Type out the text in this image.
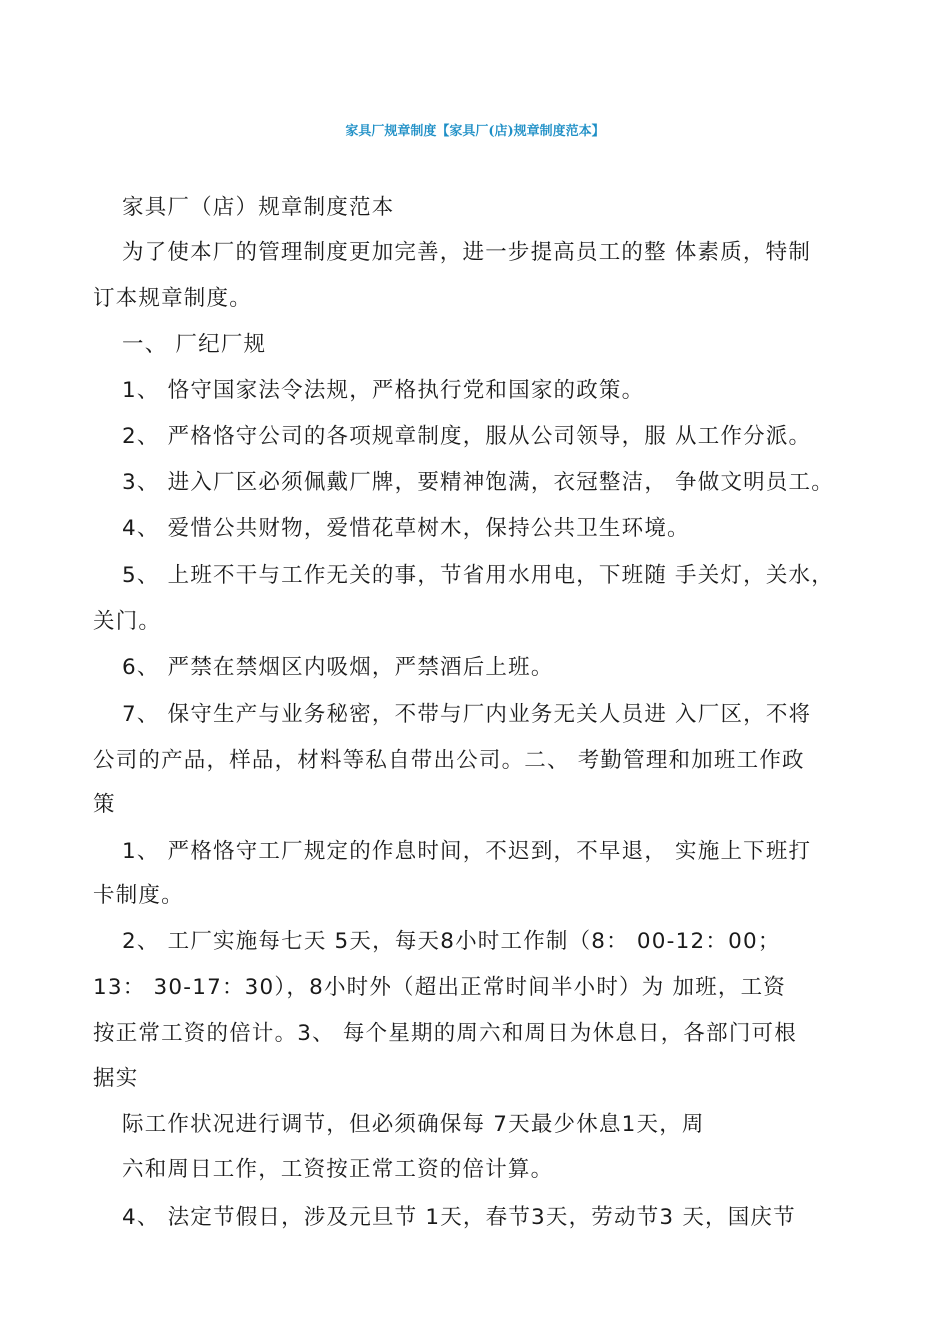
家具厂规章制度【家具厂(店)规章制度范本】
家具厂（店）规章制度范本
为了使本厂的管理制度更加完善，进一步提高员工的整 体素质，特制
订本规章制度。
一、 厂纪厂规
1、 恪守国家法令法规，严格执行党和国家的政策。
2、 严格恪守公司的各项规章制度，服从公司领导，服 从工作分派。
3、 进入厂区必须佩戴厂牌，要精神饱满，衣冠整洁， 争做文明员工。
4、 爱惜公共财物，爱惜花草树木，保持公共卫生环境。
5、 上班不干与工作无关的事，节省用水用电，下班随 手关灯，关水，
关门。
6、 严禁在禁烟区内吸烟，严禁酒后上班。
7、 保守生产与业务秘密，不带与厂内业务无关人员进 入厂区，不将
公司的产品，样品，材料等私自带出公司。二、 考勤管理和加班工作政
策
1、 严格恪守工厂规定的作息时间，不迟到，不早退， 实施上下班打
卡制度。
2、 工厂实施每七天 5天，每天8小时工作制（8： 00-12：00；
13： 30-17：30），8小时外（超出正常时间半小时）为 加班，工资
按正常工资的倍计。3、 每个星期的周六和周日为休息日，各部门可根
据实
际工作状况进行调节，但必须确保每 7天最少休息1天，周
六和周日工作，工资按正常工资的倍计算。
4、 法定节假日，涉及元旦节 1天，春节3天，劳动节3 天，国庆节
